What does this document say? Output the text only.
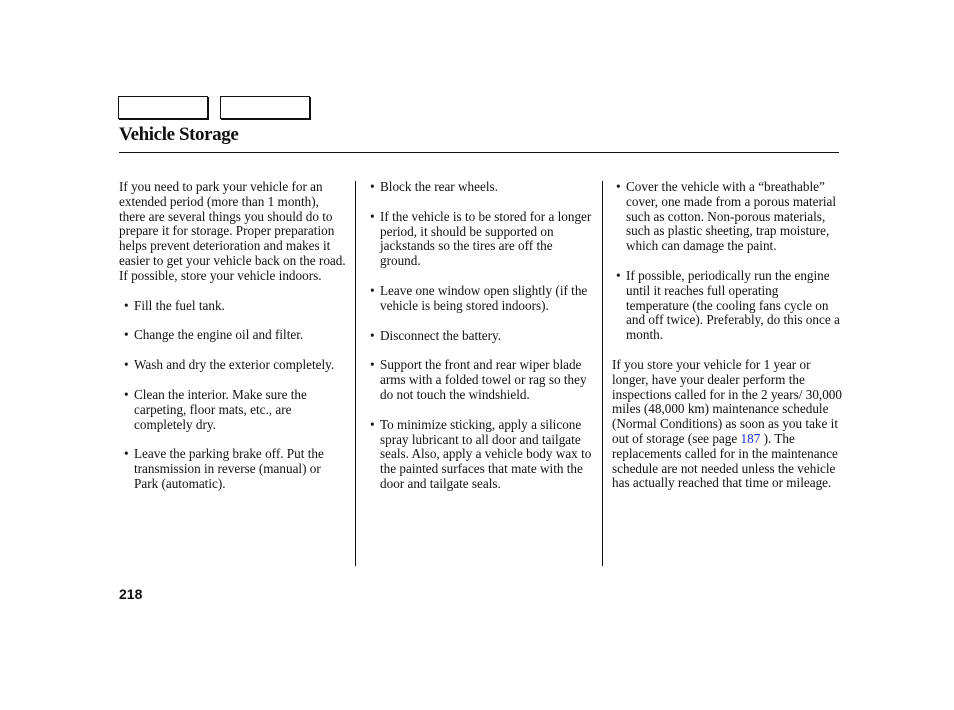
Vehicle Storage

If you need to park your vehicle for an extended period (more than 1 month), there are several things you should do to prepare it for storage. Proper preparation helps prevent deterioration and makes it easier to get your vehicle back on the road. If possible, store your vehicle indoors.

• Fill the fuel tank.
• Change the engine oil and filter.
• Wash and dry the exterior completely.
• Clean the interior. Make sure the carpeting, floor mats, etc., are completely dry.
• Leave the parking brake off. Put the transmission in reverse (manual) or Park (automatic).
• Block the rear wheels.
• If the vehicle is to be stored for a longer period, it should be supported on jackstands so the tires are off the ground.
• Leave one window open slightly (if the vehicle is being stored indoors).
• Disconnect the battery.
• Support the front and rear wiper blade arms with a folded towel or rag so they do not touch the windshield.
• To minimize sticking, apply a silicone spray lubricant to all door and tailgate seals. Also, apply a vehicle body wax to the painted surfaces that mate with the door and tailgate seals.
• Cover the vehicle with a “breathable” cover, one made from a porous material such as cotton. Non-porous materials, such as plastic sheeting, trap moisture, which can damage the paint.
• If possible, periodically run the engine until it reaches full operating temperature (the cooling fans cycle on and off twice). Preferably, do this once a month.

If you store your vehicle for 1 year or longer, have your dealer perform the inspections called for in the 2 years/ 30,000 miles (48,000 km) maintenance schedule (Normal Conditions) as soon as you take it out of storage (see page 187 ). The replacements called for in the maintenance schedule are not needed unless the vehicle has actually reached that time or mileage.

218
